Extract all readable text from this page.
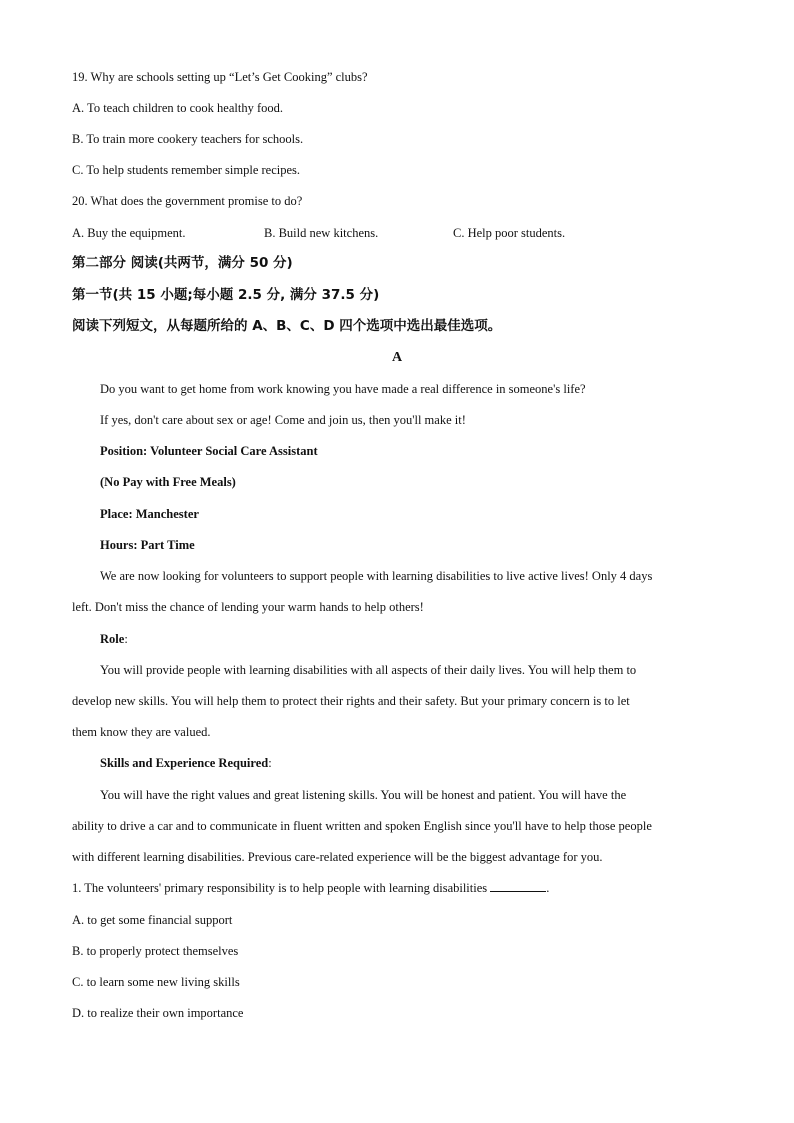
19. Why are schools setting up “Let’s Get Cooking” clubs?
A. To teach children to cook healthy food.
B. To train more cookery teachers for schools.
C. To help students remember simple recipes.
20. What does the government promise to do?
A. Buy the equipment.	B. Build new kitchens.	C. Help poor students.
第二部分 阅读(共两节，满分 50 分)
第一节(共 15 小题;每小题 2.5 分, 满分 37.5 分)
阅读下列短文，从每题所给的 A、B、C、D 四个选项中选出最佳选项。
A
Do you want to get home from work knowing you have made a real difference in someone's life?
If yes, don't care about sex or age! Come and join us, then you'll make it!
Position: Volunteer Social Care Assistant
(No Pay with Free Meals)
Place: Manchester
Hours: Part Time
We are now looking for volunteers to support people with learning disabilities to live active lives! Only 4 days
left. Don't miss the chance of lending your warm hands to help others!
Role:
You will provide people with learning disabilities with all aspects of their daily lives. You will help them to
develop new skills. You will help them to protect their rights and their safety. But your primary concern is to let
them know they are valued.
Skills and Experience Required:
You will have the right values and great listening skills. You will be honest and patient. You will have the
ability to drive a car and to communicate in fluent written and spoken English since you'll have to help those people
with different learning disabilities. Previous care-related experience will be the biggest advantage for you.
1. The volunteers' primary responsibility is to help people with learning disabilities	.
A. to get some financial support
B. to properly protect themselves
C. to learn some new living skills
D. to realize their own importance
